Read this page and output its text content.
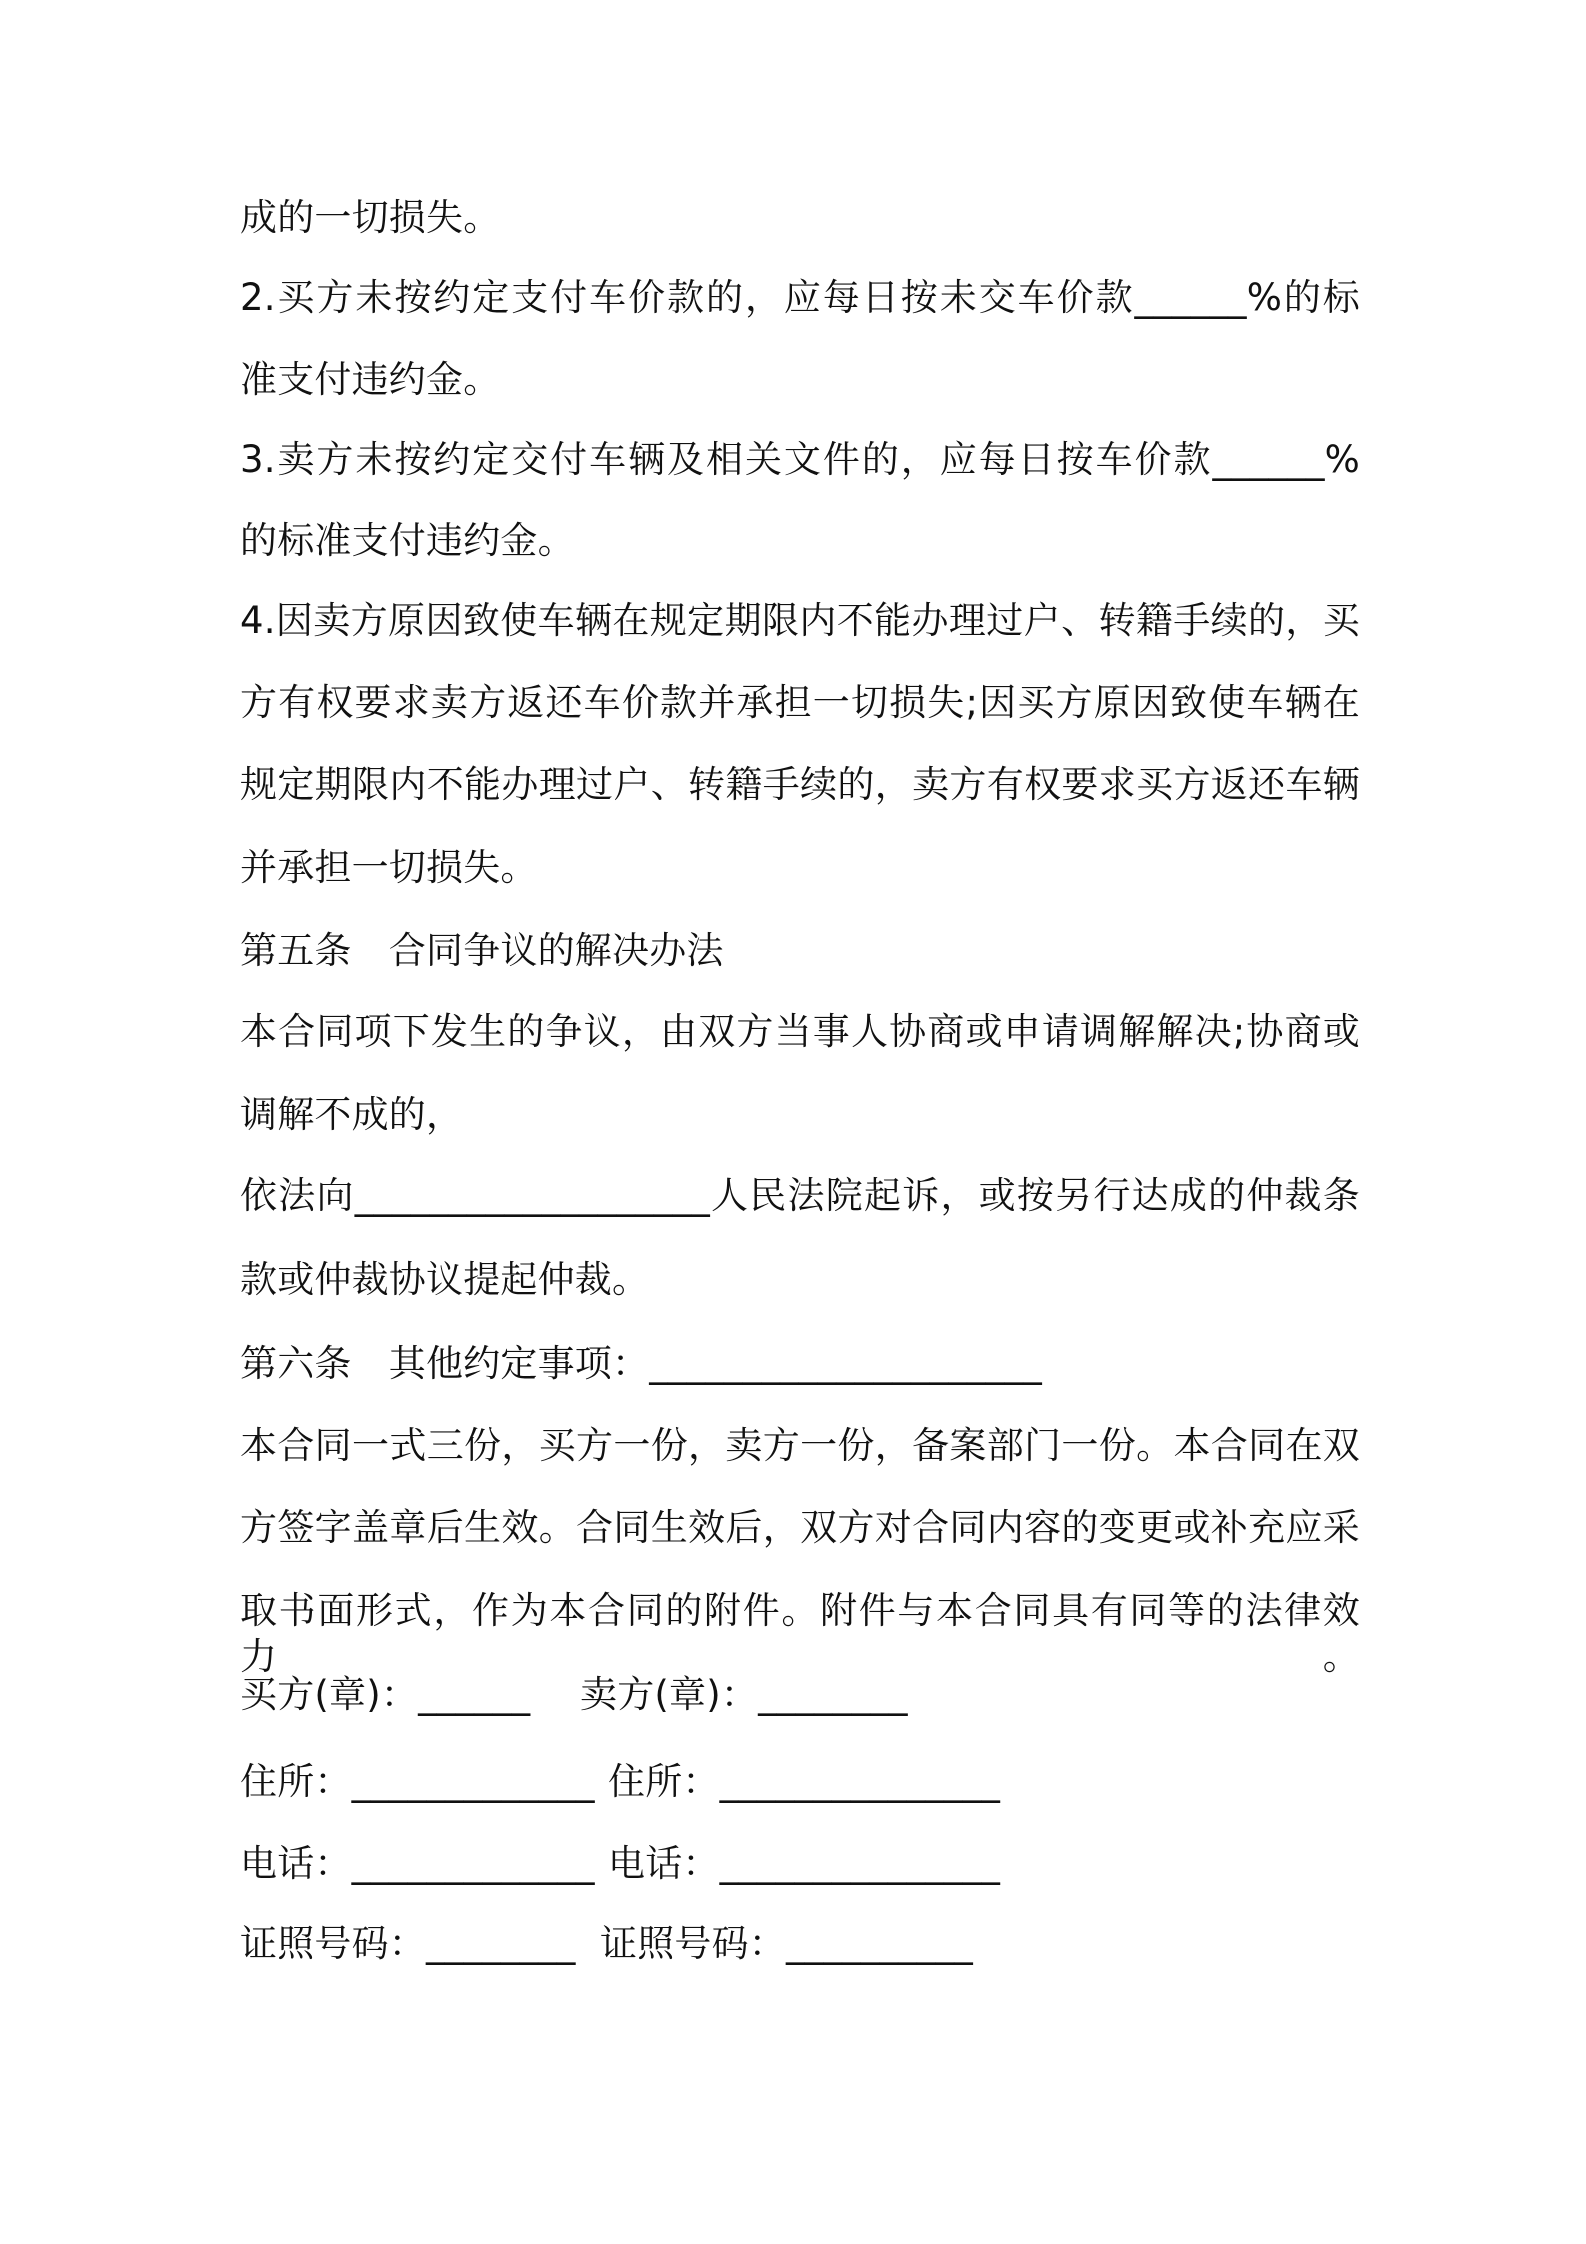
成的一切损失。
2.买方未按约定支付车价款的，应每日按未交车价款______%的标
准支付违约金。
3.卖方未按约定交付车辆及相关文件的，应每日按车价款______%
的标准支付违约金。
4.因卖方原因致使车辆在规定期限内不能办理过户、转籍手续的，买
方有权要求卖方返还车价款并承担一切损失;因买方原因致使车辆在
规定期限内不能办理过户、转籍手续的，卖方有权要求买方返还车辆
并承担一切损失。
第五条　合同争议的解决办法
本合同项下发生的争议，由双方当事人协商或申请调解解决;协商或
调解不成的，
依法向___________________人民法院起诉，或按另行达成的仲裁条
款或仲裁协议提起仲裁。
第六条　其他约定事项：_____________________
本合同一式三份，买方一份，卖方一份，备案部门一份。本合同在双
方签字盖章后生效。合同生效后，双方对合同内容的变更或补充应采
取书面形式，作为本合同的附件。附件与本合同具有同等的法律效力。
买方(章)：______	卖方(章)：________
住所：_____________ 住所：_______________
电话：_____________ 电话：_______________
证照号码：________ 证照号码：__________
